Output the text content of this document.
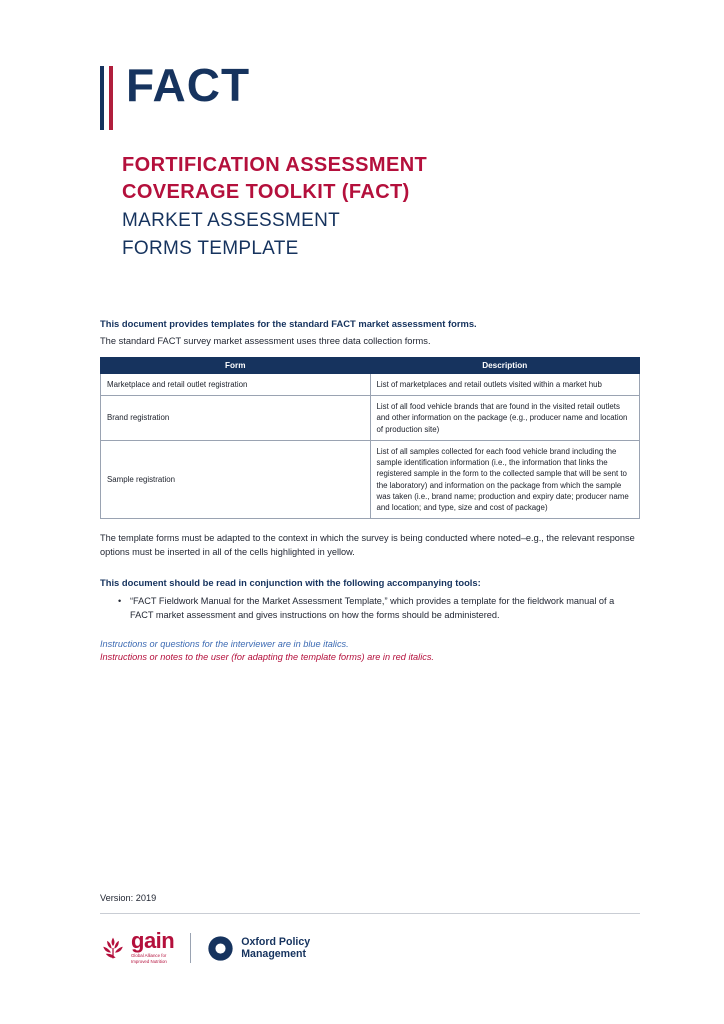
FACT
FORTIFICATION ASSESSMENT
COVERAGE TOOLKIT (FACT)
MARKET ASSESSMENT
FORMS TEMPLATE
This document provides templates for the standard FACT market assessment forms.
The standard FACT survey market assessment uses three data collection forms.
Form	Description
Marketplace and retail outlet registration	List of marketplaces and retail outlets visited within a market hub
Brand registration	List of all food vehicle brands that are found in the visited retail outlets and other information on the package (e.g., producer name and location of production site)
Sample registration	List of all samples collected for each food vehicle brand including the sample identification information (i.e., the information that links the registered sample in the form to the collected sample that will be sent to the laboratory) and information on the package from which the sample was taken (i.e., brand name; production and expiry date; producer name and location; and type, size and cost of package)
The template forms must be adapted to the context in which the survey is being conducted where noted–e.g., the relevant response options must be inserted in all of the cells highlighted in yellow.
This document should be read in conjunction with the following accompanying tools:
• “FACT Fieldwork Manual for the Market Assessment Template,” which provides a template for the fieldwork manual of a FACT market assessment and gives instructions on how the forms should be administered.
Instructions or questions for the interviewer are in blue italics.
Instructions or notes to the user (for adapting the template forms) are in red italics.
Version: 2019
gain
Global Alliance for
Improved Nutrition
Oxford Policy
Management
